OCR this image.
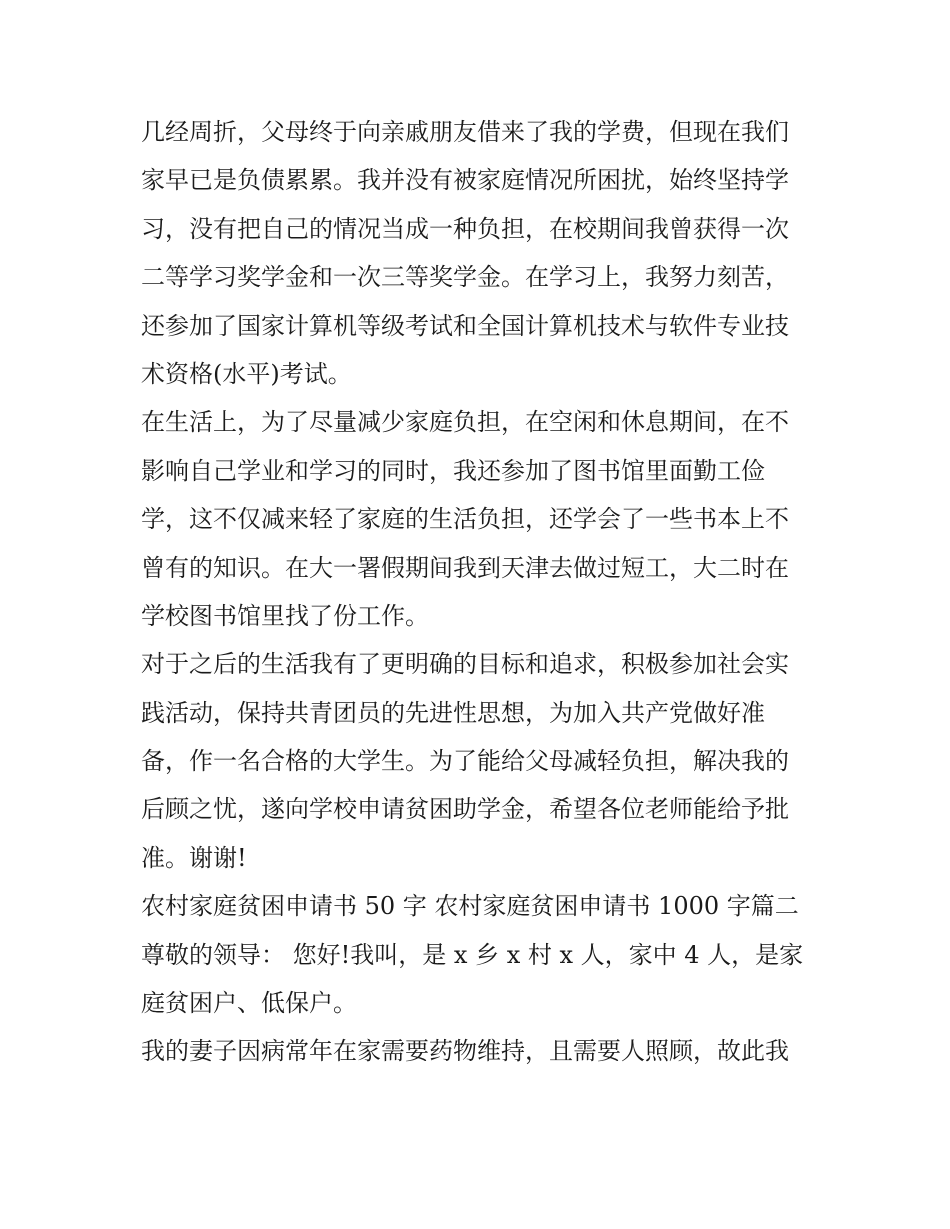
几经周折，父母终于向亲戚朋友借来了我的学费，但现在我们
家早已是负债累累。我并没有被家庭情况所困扰，始终坚持学
习，没有把自己的情况当成一种负担，在校期间我曾获得一次
二等学习奖学金和一次三等奖学金。在学习上，我努力刻苦，
还参加了国家计算机等级考试和全国计算机技术与软件专业技
术资格(水平)考试。
在生活上，为了尽量减少家庭负担，在空闲和休息期间，在不
影响自己学业和学习的同时，我还参加了图书馆里面勤工俭
学，这不仅减来轻了家庭的生活负担，还学会了一些书本上不
曾有的知识。在大一署假期间我到天津去做过短工，大二时在
学校图书馆里找了份工作。
对于之后的生活我有了更明确的目标和追求，积极参加社会实
践活动，保持共青团员的先进性思想，为加入共产党做好准
备，作一名合格的大学生。为了能给父母减轻负担，解决我的
后顾之忧，遂向学校申请贫困助学金，希望各位老师能给予批
准。谢谢!
农村家庭贫困申请书 50 字 农村家庭贫困申请书 1000 字篇二
尊敬的领导： 您好!我叫，是 x 乡 x 村 x 人，家中 4 人，是家
庭贫困户、低保户。
我的妻子因病常年在家需要药物维持，且需要人照顾，故此我
